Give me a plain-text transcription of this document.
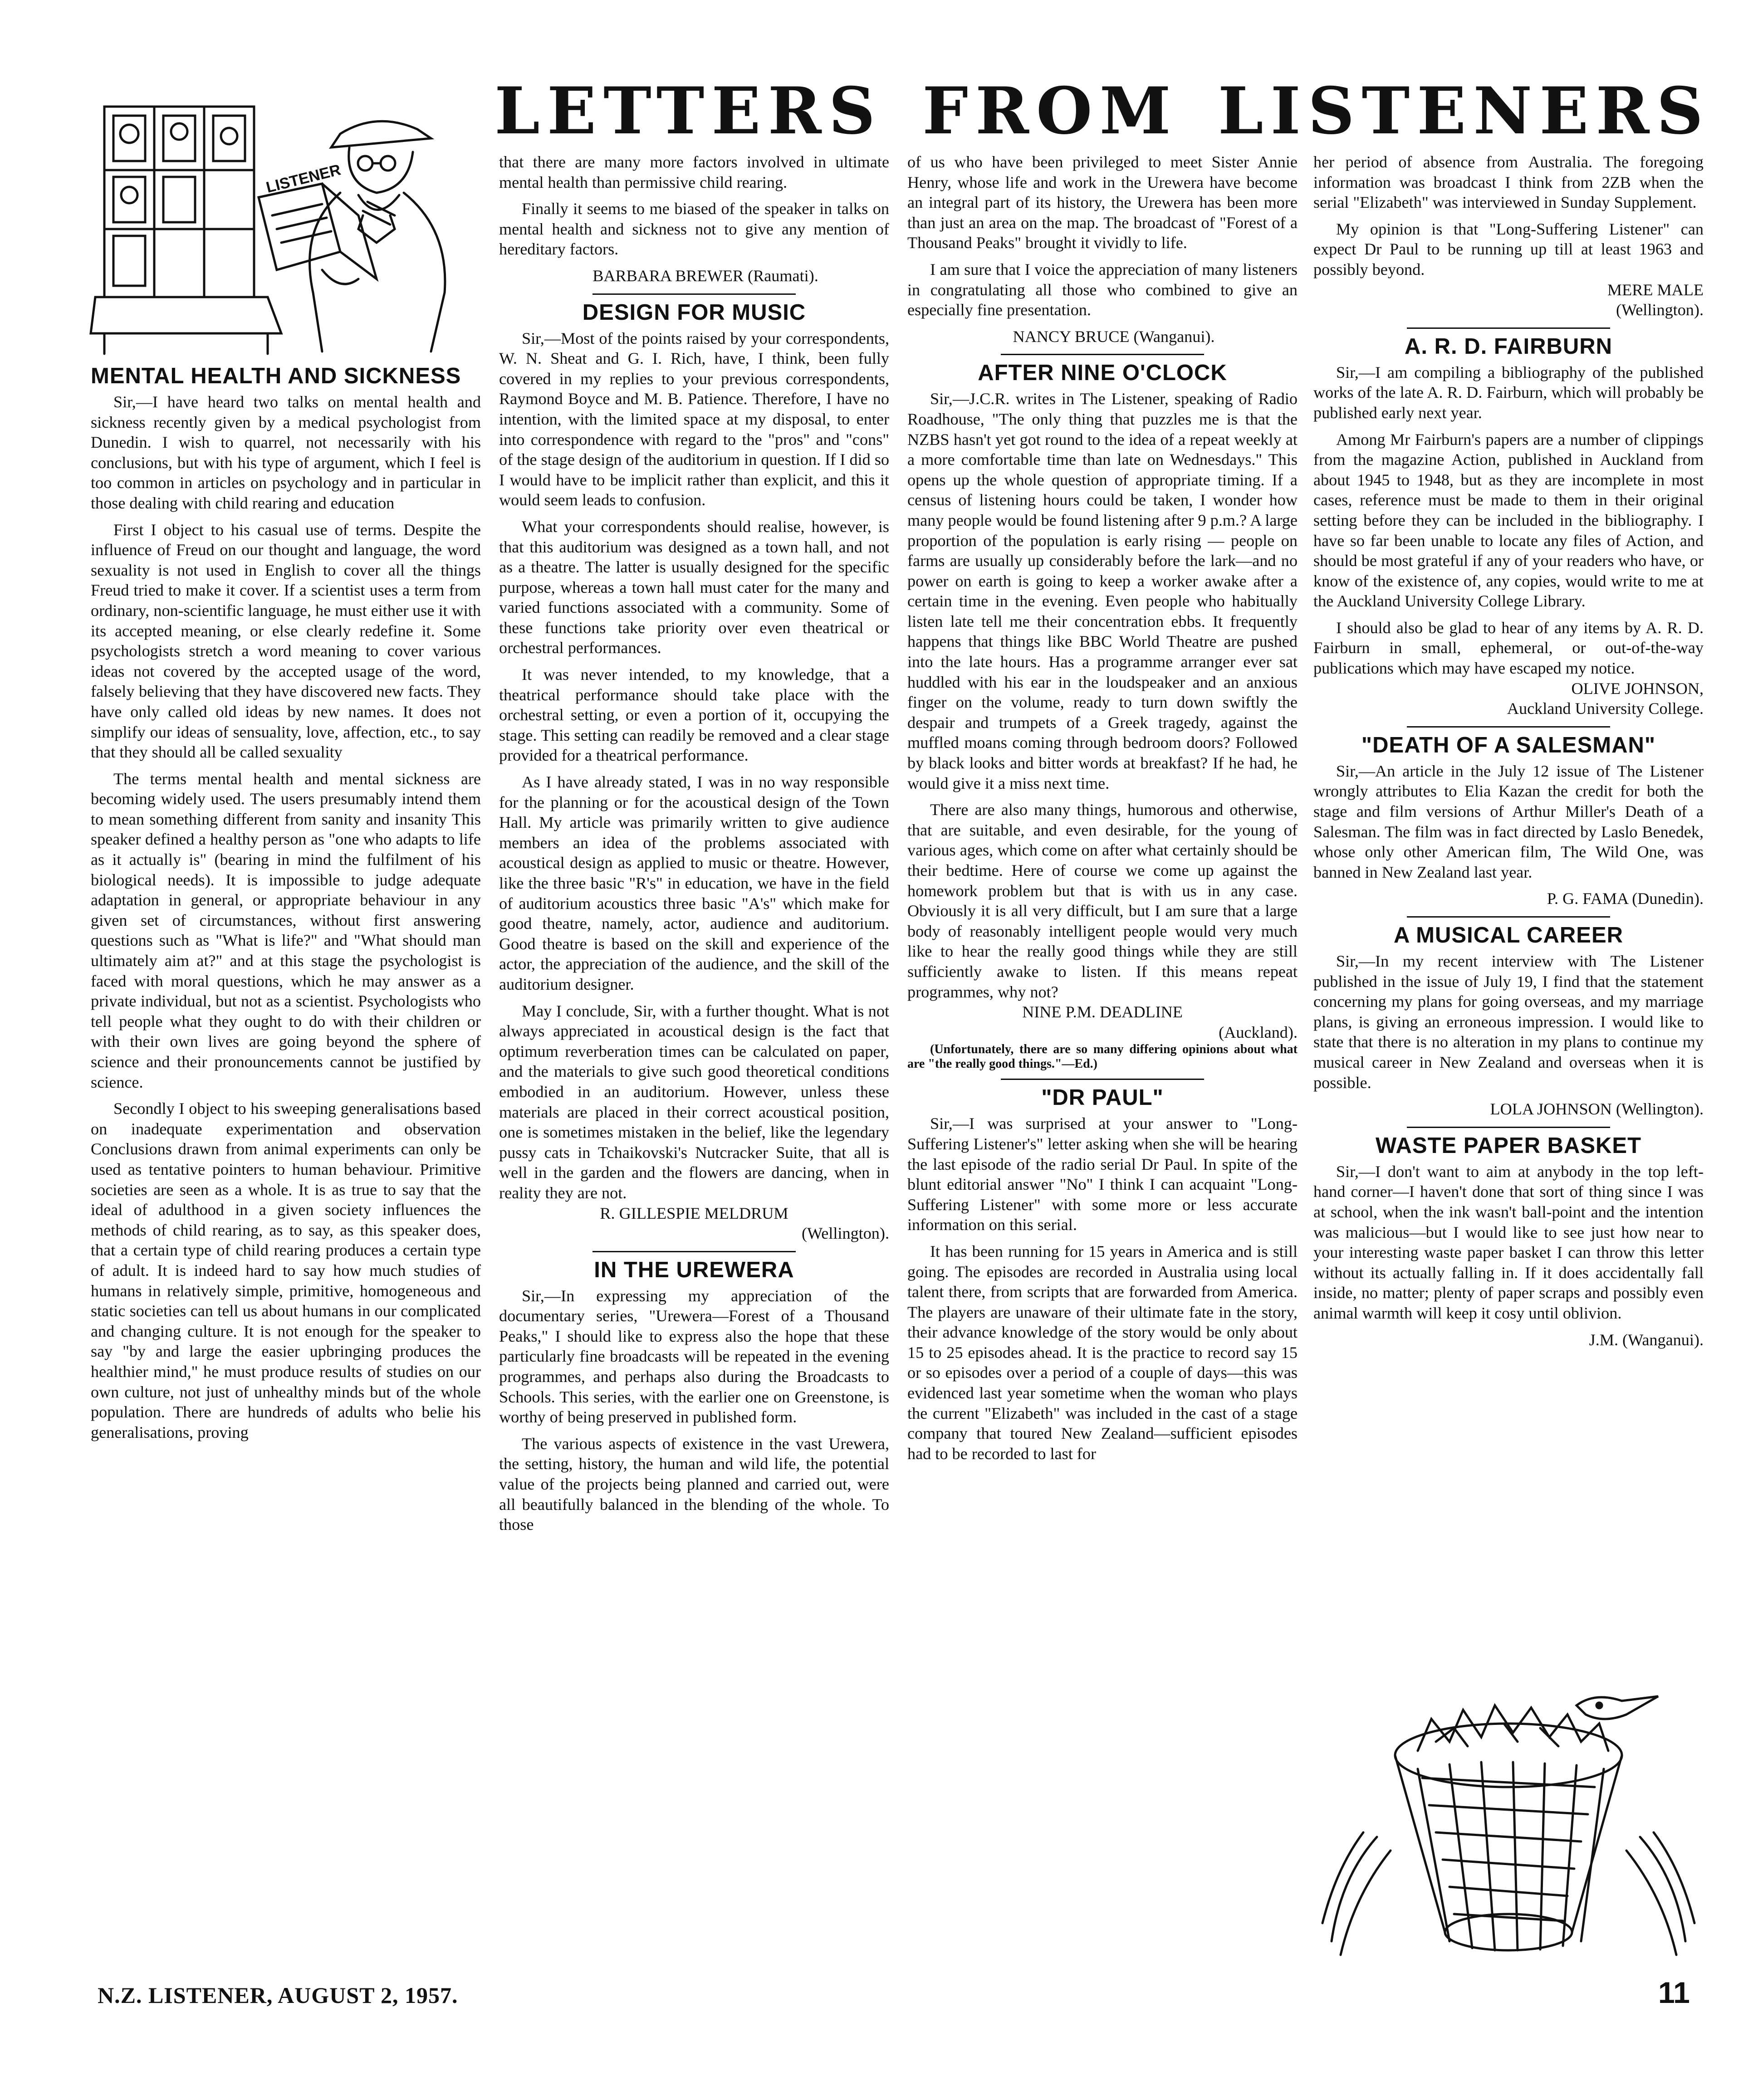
LETTERS FROM LISTENERS
LISTENER
MENTAL HEALTH AND SICKNESS

Sir,—I have heard two talks on mental health and sickness recently given by a medical psychologist from Dunedin. I wish to quarrel, not necessarily with his conclusions, but with his type of argument, which I feel is too common in articles on psychology and in particular in those dealing with child rearing and education

First I object to his casual use of terms. Despite the influence of Freud on our thought and language, the word sexuality is not used in English to cover all the things Freud tried to make it cover. If a scientist uses a term from ordinary, non-scientific language, he must either use it with its accepted meaning, or else clearly redefine it. Some psychologists stretch a word meaning to cover various ideas not covered by the accepted usage of the word, falsely believing that they have discovered new facts. They have only called old ideas by new names. It does not simplify our ideas of sensuality, love, affection, etc., to say that they should all be called sexuality

The terms mental health and mental sickness are becoming widely used. The users presumably intend them to mean something different from sanity and insanity This speaker defined a healthy person as "one who adapts to life as it actually is" (bearing in mind the fulfilment of his biological needs). It is impossible to judge adequate adaptation in general, or appropriate behaviour in any given set of circumstances, without first answering questions such as "What is life?" and "What should man ultimately aim at?" and at this stage the psychologist is faced with moral questions, which he may answer as a private individual, but not as a scientist. Psychologists who tell people what they ought to do with their children or with their own lives are going beyond the sphere of science and their pronouncements cannot be justified by science.

Secondly I object to his sweeping generalisations based on inadequate experimentation and observation Conclusions drawn from animal experiments can only be used as tentative pointers to human behaviour. Primitive societies are seen as a whole. It is as true to say that the ideal of adulthood in a given society influences the methods of child rearing, as to say, as this speaker does, that a certain type of child rearing produces a certain type of adult. It is indeed hard to say how much studies of humans in relatively simple, primitive, homogeneous and static societies can tell us about humans in our complicated and changing culture. It is not enough for the speaker to say "by and large the easier upbringing produces the healthier mind," he must produce results of studies on our own culture, not just of unhealthy minds but of the whole population. There are hundreds of adults who belie his generalisations, proving

that there are many more factors involved in ultimate mental health than permissive child rearing.

Finally it seems to me biased of the speaker in talks on mental health and sickness not to give any mention of hereditary factors.

BARBARA BREWER (Raumati).

DESIGN FOR MUSIC

Sir,—Most of the points raised by your correspondents, W. N. Sheat and G. I. Rich, have, I think, been fully covered in my replies to your previous correspondents, Raymond Boyce and M. B. Patience. Therefore, I have no intention, with the limited space at my disposal, to enter into correspondence with regard to the "pros" and "cons" of the stage design of the auditorium in question. If I did so I would have to be implicit rather than explicit, and this it would seem leads to confusion.

What your correspondents should realise, however, is that this auditorium was designed as a town hall, and not as a theatre. The latter is usually designed for the specific purpose, whereas a town hall must cater for the many and varied functions associated with a community. Some of these functions take priority over even theatrical or orchestral performances.

It was never intended, to my knowledge, that a theatrical performance should take place with the orchestral setting, or even a portion of it, occupying the stage. This setting can readily be removed and a clear stage provided for a theatrical performance.

As I have already stated, I was in no way responsible for the planning or for the acoustical design of the Town Hall. My article was primarily written to give audience members an idea of the problems associated with acoustical design as applied to music or theatre. However, like the three basic "R's" in education, we have in the field of auditorium acoustics three basic "A's" which make for good theatre, namely, actor, audience and auditorium. Good theatre is based on the skill and experience of the actor, the appreciation of the audience, and the skill of the auditorium designer.

May I conclude, Sir, with a further thought. What is not always appreciated in acoustical design is the fact that optimum reverberation times can be calculated on paper, and the materials to give such good theoretical conditions embodied in an auditorium. However, unless these materials are placed in their correct acoustical position, one is sometimes mistaken in the belief, like the legendary pussy cats in Tchaikovski's Nutcracker Suite, that all is well in the garden and the flowers are dancing, when in reality they are not.

R. GILLESPIE MELDRUM
(Wellington).
IN THE UREWERA

Sir,—In expressing my appreciation of the documentary series, "Urewera—Forest of a Thousand Peaks," I should like to express also the hope that these particularly fine broadcasts will be repeated in the evening programmes, and perhaps also during the Broadcasts to Schools. This series, with the earlier one on Greenstone, is worthy of being preserved in published form.

The various aspects of existence in the vast Urewera, the setting, history, the human and wild life, the potential value of the projects being planned and carried out, were all beautifully balanced in the blending of the whole. To those

of us who have been privileged to meet Sister Annie Henry, whose life and work in the Urewera have become an integral part of its history, the Urewera has been more than just an area on the map. The broadcast of "Forest of a Thousand Peaks" brought it vividly to life.

I am sure that I voice the appreciation of many listeners in congratulating all those who combined to give an especially fine presentation.

NANCY BRUCE (Wanganui).

AFTER NINE O'CLOCK

Sir,—J.C.R. writes in The Listener, speaking of Radio Roadhouse, "The only thing that puzzles me is that the NZBS hasn't yet got round to the idea of a repeat weekly at a more comfortable time than late on Wednesdays." This opens up the whole question of appropriate timing. If a census of listening hours could be taken, I wonder how many people would be found listening after 9 p.m.? A large proportion of the population is early rising — people on farms are usually up considerably before the lark—and no power on earth is going to keep a worker awake after a certain time in the evening. Even people who habitually listen late tell me their concentration ebbs. It frequently happens that things like BBC World Theatre are pushed into the late hours. Has a programme arranger ever sat huddled with his ear in the loudspeaker and an anxious finger on the volume, ready to turn down swiftly the despair and trumpets of a Greek tragedy, against the muffled moans coming through bedroom doors? Followed by black looks and bitter words at breakfast? If he had, he would give it a miss next time.

There are also many things, humorous and otherwise, that are suitable, and even desirable, for the young of various ages, which come on after what certainly should be their bedtime. Here of course we come up against the homework problem but that is with us in any case. Obviously it is all very difficult, but I am sure that a large body of reasonably intelligent people would very much like to hear the really good things while they are still sufficiently awake to listen. If this means repeat programmes, why not?

NINE P.M. DEADLINE
(Auckland).

(Unfortunately, there are so many differing opinions about what are "the really good things."—Ed.)

"DR PAUL"

Sir,—I was surprised at your answer to "Long-Suffering Listener's" letter asking when she will be hearing the last episode of the radio serial Dr Paul. In spite of the blunt editorial answer "No" I think I can acquaint "Long-Suffering Listener" with some more or less accurate information on this serial.

It has been running for 15 years in America and is still going. The episodes are recorded in Australia using local talent there, from scripts that are forwarded from America. The players are unaware of their ultimate fate in the story, their advance knowledge of the story would be only about 15 to 25 episodes ahead. It is the practice to record say 15 or so episodes over a period of a couple of days—this was evidenced last year sometime when the woman who plays the current "Elizabeth" was included in the cast of a stage company that toured New Zealand—sufficient episodes had to be recorded to last for

her period of absence from Australia. The foregoing information was broadcast I think from 2ZB when the serial "Elizabeth" was interviewed in Sunday Supplement.

My opinion is that "Long-Suffering Listener" can expect Dr Paul to be running up till at least 1963 and possibly beyond.

MERE MALE
(Wellington).
A. R. D. FAIRBURN

Sir,—I am compiling a bibliography of the published works of the late A. R. D. Fairburn, which will probably be published early next year.

Among Mr Fairburn's papers are a number of clippings from the magazine Action, published in Auckland from about 1945 to 1948, but as they are incomplete in most cases, reference must be made to them in their original setting before they can be included in the bibliography. I have so far been unable to locate any files of Action, and should be most grateful if any of your readers who have, or know of the existence of, any copies, would write to me at the Auckland University College Library.

I should also be glad to hear of any items by A. R. D. Fairburn in small, ephemeral, or out-of-the-way publications which may have escaped my notice.

OLIVE JOHNSON,
Auckland University College.
"DEATH OF A SALESMAN"

Sir,—An article in the July 12 issue of The Listener wrongly attributes to Elia Kazan the credit for both the stage and film versions of Arthur Miller's Death of a Salesman. The film was in fact directed by Laslo Benedek, whose only other American film, The Wild One, was banned in New Zealand last year.

P. G. FAMA (Dunedin).

A MUSICAL CAREER

Sir,—In my recent interview with The Listener published in the issue of July 19, I find that the statement concerning my plans for going overseas, and my marriage plans, is giving an erroneous impression. I would like to state that there is no alteration in my plans to continue my musical career in New Zealand and overseas when it is possible.

LOLA JOHNSON (Wellington).

WASTE PAPER BASKET

Sir,—I don't want to aim at anybody in the top left-hand corner—I haven't done that sort of thing since I was at school, when the ink wasn't ball-point and the intention was malicious—but I would like to see just how near to your interesting waste paper basket I can throw this letter without its actually falling in. If it does accidentally fall inside, no matter; plenty of paper scraps and possibly even animal warmth will keep it cosy until oblivion.

J.M. (Wanganui).

N.Z. LISTENER, AUGUST 2, 1957.	11
